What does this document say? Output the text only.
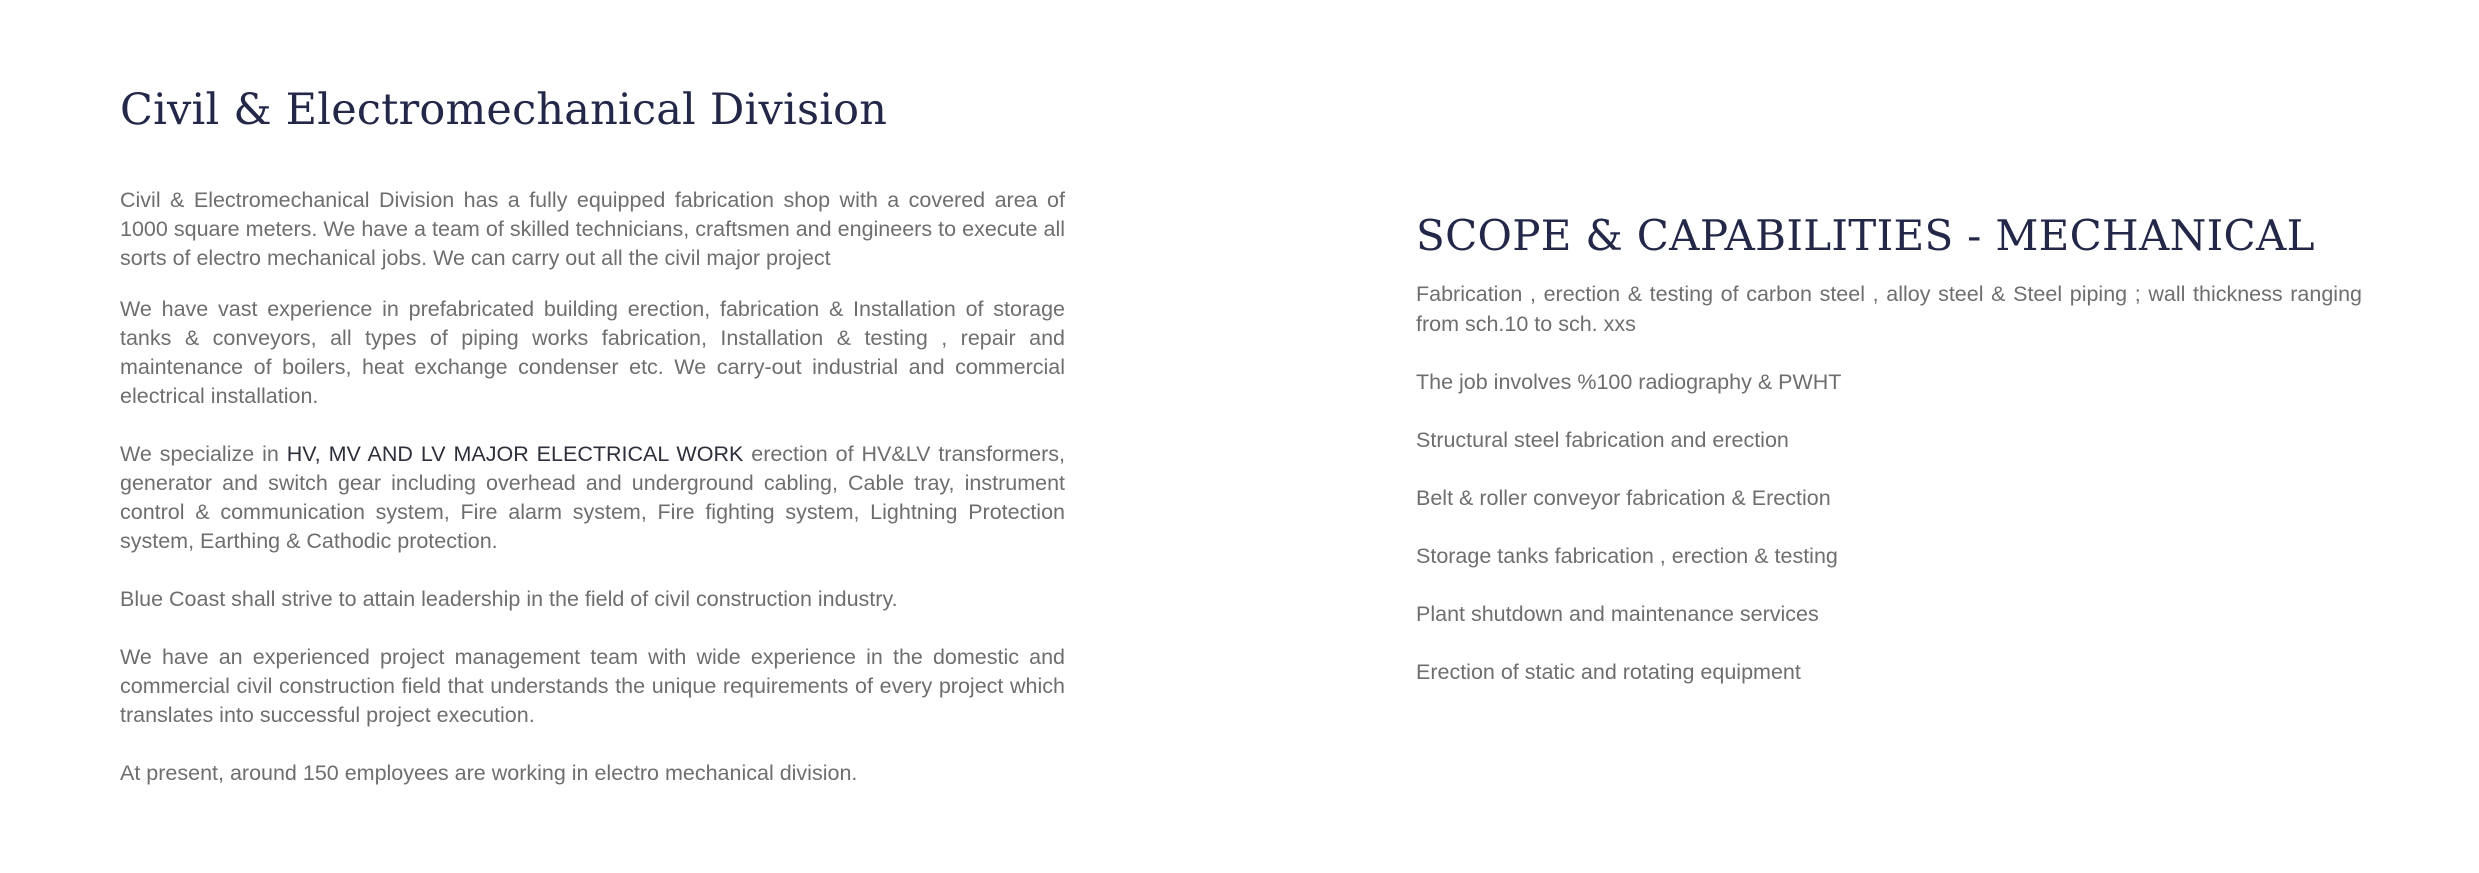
Civil & Electromechanical Division

Civil & Electromechanical Division has a fully equipped fabrication shop with a covered area of 1000 square meters. We have a team of skilled technicians, craftsmen and engineers to execute all sorts of electro mechanical jobs. We can carry out all the civil major project

We have vast experience in prefabricated building erection, fabrication & Installation of storage tanks & conveyors, all types of piping works fabrication, Installation & testing , repair and maintenance of boilers, heat exchange condenser etc. We carry-out industrial and commercial electrical installation.

We specialize in HV, MV AND LV MAJOR ELECTRICAL WORK erection of HV&LV transformers, generator and switch gear including overhead and underground cabling, Cable tray, instrument control & communication system, Fire alarm system, Fire fighting system, Lightning Protection system, Earthing & Cathodic protection.

Blue Coast shall strive to attain leadership in the field of civil construction industry.

We have an experienced project management team with wide experience in the domestic and commercial civil construction field that understands the unique requirements of every project which translates into successful project execution.

At present, around 150 employees are working in electro mechanical division.

SCOPE & CAPABILITIES - MECHANICAL
Fabrication , erection & testing of carbon steel , alloy steel & Steel piping ; wall thickness ranging from sch.10 to sch. xxs
The job involves %100 radiography & PWHT
Structural steel fabrication and erection
Belt & roller conveyor fabrication & Erection
Storage tanks fabrication , erection & testing
Plant shutdown and maintenance services
Erection of static and rotating equipment
